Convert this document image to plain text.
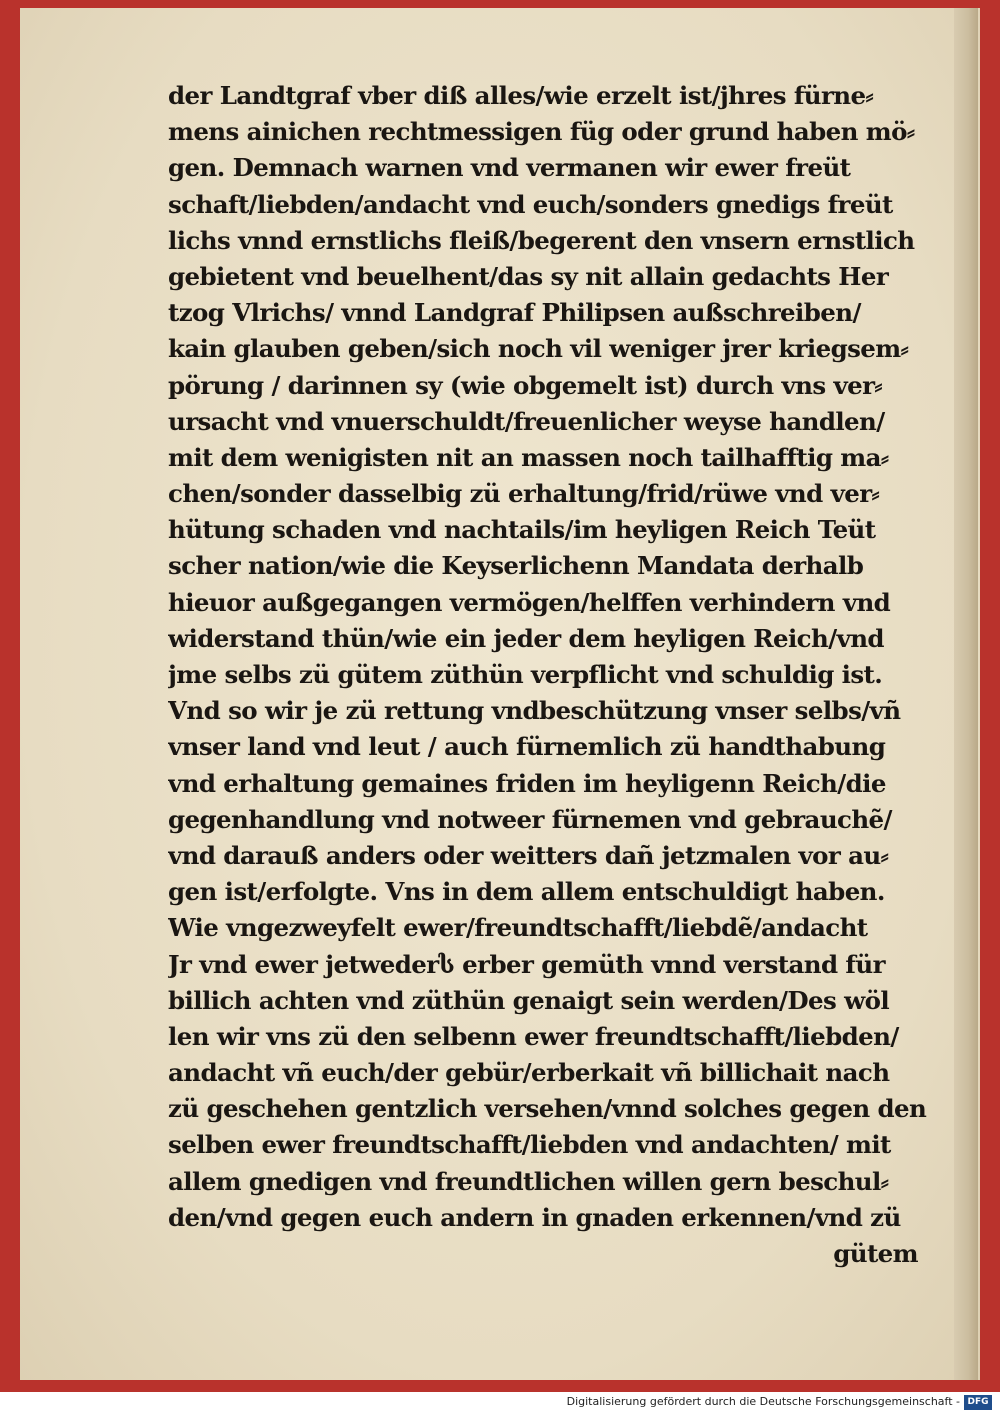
der Landtgraf vber diß alles/wie erzelt ist/jhres fürne⸗
mens ainichen rechtmessigen füg oder grund haben mö⸗
gen. Demnach warnen vnd vermanen wir ewer freüt
schaft/liebden/andacht vnd euch/sonders gnedigs freüt
lichs vnnd ernstlichs fleiß/begerent den vnsern ernstlich
gebietent vnd beuelhent/das sy nit allain gedachts Her
tzog Vlrichs/ vnnd Landgraf Philipsen außschreiben/
kain glauben geben/sich noch vil weniger jrer kriegsem⸗
pörung / darinnen sy (wie obgemelt ist) durch vns ver⸗
ursacht vnd vnuerschuldt/freuenlicher weyse handlen/
mit dem wenigisten nit an massen noch tailhafftig ma⸗
chen/sonder dasselbig zü erhaltung/frid/rüwe vnd ver⸗
hütung schaden vnd nachtails/im heyligen Reich Teüt
scher nation/wie die Keyserlichenn Mandata derhalb
hieuor außgegangen vermögen/helffen verhindern vnd
widerstand thün/wie ein jeder dem heyligen Reich/vnd
jme selbs zü gütem züthün verpflicht vnd schuldig ist.
Vnd so wir je zü rettung vndbeschützung vnser selbs/vñ
vnser land vnd leut / auch fürnemlich zü handthabung
vnd erhaltung gemaines friden im heyligenn Reich/die
gegenhandlung vnd notweer fürnemen vnd gebrauchẽ/
vnd darauß anders oder weitters dañ jetzmalen vor au⸗
gen ist/erfolgte. Vns in dem allem entschuldigt haben.
Wie vngezweyfelt ewer/freundtschafft/liebdẽ/andacht
Jr vnd ewer jetwederს erber gemüth vnnd verstand für
billich achten vnd züthün genaigt sein werden/Des wöl
len wir vns zü den selbenn ewer freundtschafft/liebden/
andacht vñ euch/der gebür/erberkait vñ billichait nach
zü geschehen gentzlich versehen/vnnd solches gegen den
selben ewer freundtschafft/liebden vnd andachten/ mit
allem gnedigen vnd freundtlichen willen gern beschul⸗
den/vnd gegen euch andern in gnaden erkennen/vnd zü
gütem
Digitalisierung gefördert durch die Deutsche Forschungsgemeinschaft - DFG
